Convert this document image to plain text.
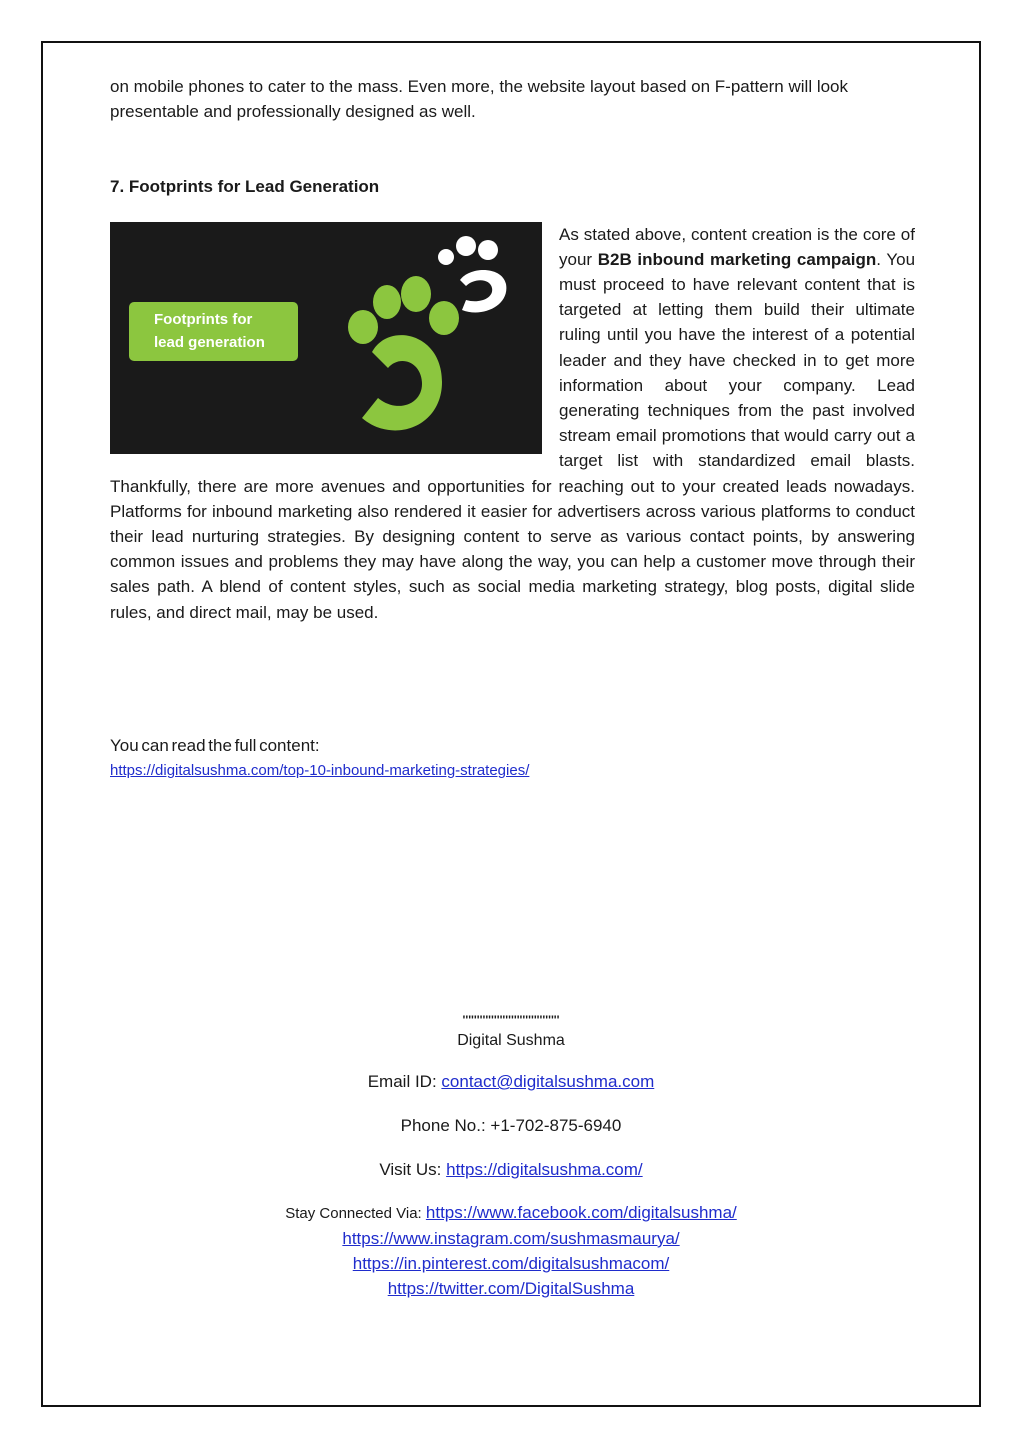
on mobile phones to cater to the mass. Even more, the website layout based on F-pattern will look presentable and professionally designed as well.

7. Footprints for Lead Generation
Footprints for
lead generation

As stated above, content creation is the core of your B2B inbound marketing campaign. You must proceed to have relevant content that is targeted at letting them build their ultimate ruling until you have the interest of a potential leader and they have checked in to get more information about your company. Lead generating techniques from the past involved stream email promotions that would carry out a target list with standardized email blasts. Thankfully, there are more avenues and opportunities for reaching out to your created leads nowadays. Platforms for inbound marketing also rendered it easier for advertisers across various platforms to conduct their lead nurturing strategies. By designing content to serve as various contact points, by answering common issues and problems they may have along the way, you can help a customer move through their sales path. A blend of content styles, such as social media marketing strategy, blog posts, digital slide rules, and direct mail, may be used.

You can read the full content:
https://digitalsushma.com/top-10-inbound-marketing-strategies/
''''''''''''''''''''''''''''''''''
Digital Sushma
Email ID: contact@digitalsushma.com
Phone No.: +1-702-875-6940
Visit Us: https://digitalsushma.com/
Stay Connected Via: https://www.facebook.com/digitalsushma/
https://www.instagram.com/sushmasmaurya/
https://in.pinterest.com/digitalsushmacom/
https://twitter.com/DigitalSushma
